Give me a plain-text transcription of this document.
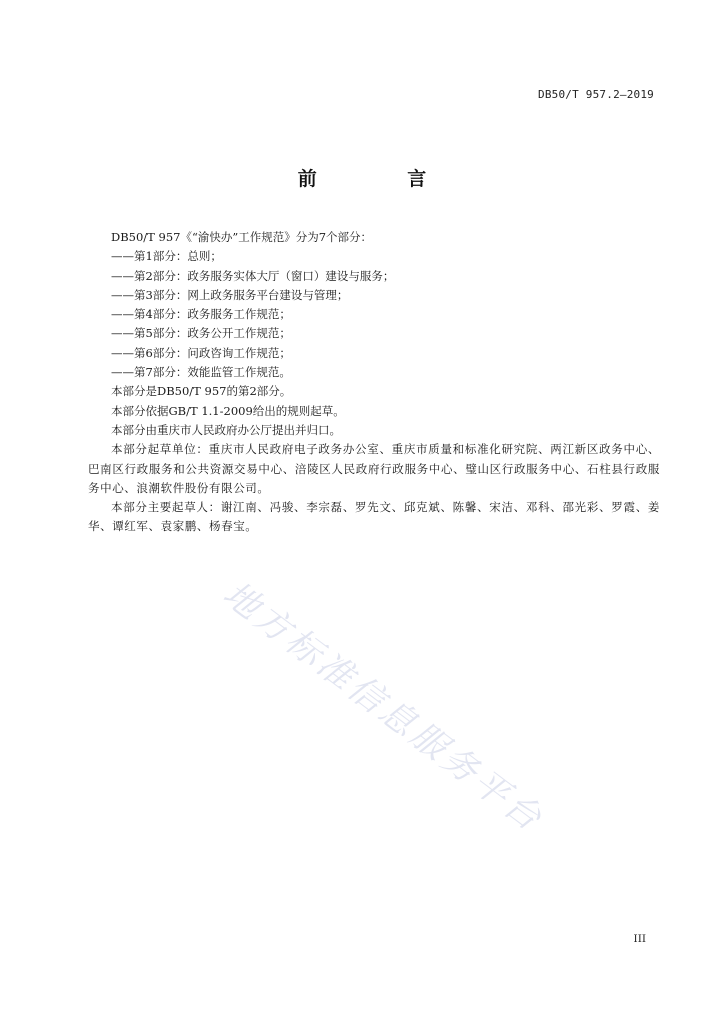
DB50/T 957.2—2019
前 言

DB50/T 957《“渝快办”工作规范》分为7个部分：

——第1部分：总则；

——第2部分：政务服务实体大厅（窗口）建设与服务；

——第3部分：网上政务服务平台建设与管理；

——第4部分：政务服务工作规范；

——第5部分：政务公开工作规范；

——第6部分：问政咨询工作规范；

——第7部分：效能监管工作规范。

本部分是DB50/T 957的第2部分。

本部分依据GB/T 1.1-2009给出的规则起草。

本部分由重庆市人民政府办公厅提出并归口。

本部分起草单位：重庆市人民政府电子政务办公室、重庆市质量和标准化研究院、两江新区政务中心、巴南区行政服务和公共资源交易中心、涪陵区人民政府行政服务中心、璧山区行政服务中心、石柱县行政服务中心、浪潮软件股份有限公司。

本部分主要起草人：谢江南、冯骏、李宗磊、罗先文、邱克斌、陈馨、宋洁、邓科、邵光彩、罗霞、姜华、谭红军、袁家鹏、杨春宝。

地方标准信息服务平台
III
